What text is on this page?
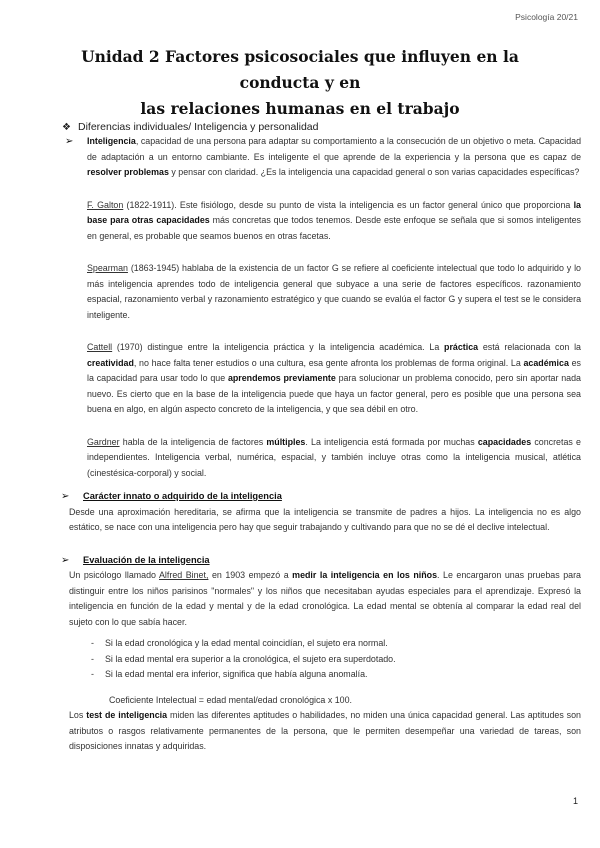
Psicología 20/21
Unidad 2 Factores psicosociales que influyen en la conducta y en
las relaciones humanas en el trabajo
❖ Diferencias individuales/ Inteligencia y personalidad

➢ Inteligencia, capacidad de una persona para adaptar su comportamiento a la consecución de un objetivo o meta. Capacidad de adaptación a un entorno cambiante. Es inteligente el que aprende de la experiencia y la persona que es capaz de resolver problemas y pensar con claridad. ¿Es la inteligencia una capacidad general o son varias capacidades específicas?

F. Galton (1822-1911). Este fisiólogo, desde su punto de vista la inteligencia es un factor general único que proporciona la base para otras capacidades más concretas que todos tenemos. Desde este enfoque se señala que si somos inteligentes en general, es probable que seamos buenos en otras facetas.

Spearman (1863-1945) hablaba de la existencia de un factor G se refiere al coeficiente intelectual que todo lo adquirido y lo más inteligencia aprendes todo de inteligencia general que subyace a una serie de factores específicos. razonamiento espacial, razonamiento verbal y razonamiento estratégico y que cuando se evalúa el factor G y supera el test se le considera inteligente.

Cattell (1970) distingue entre la inteligencia práctica y la inteligencia académica. La práctica está relacionada con la creatividad, no hace falta tener estudios o una cultura, esa gente afronta los problemas de forma original. La académica es la capacidad para usar todo lo que aprendemos previamente para solucionar un problema conocido, pero sin aportar nada nuevo. Es cierto que en la base de la inteligencia puede que haya un factor general, pero es posible que una persona sea buena en algo, en algún aspecto concreto de la inteligencia, y que sea débil en otro.

Gardner habla de la inteligencia de factores múltiples. La inteligencia está formada por muchas capacidades concretas e independientes. Inteligencia verbal, numérica, espacial, y también incluye otras como la inteligencia musical, atlética (cinestésica-corporal) y social.

➢ Carácter innato o adquirido de la inteligencia

Desde una aproximación hereditaria, se afirma que la inteligencia se transmite de padres a hijos. La inteligencia no es algo estático, se nace con una inteligencia pero hay que seguir trabajando y cultivando para que no se dé el declive intelectual.

➢ Evaluación de la inteligencia

Un psicólogo llamado Alfred Binet, en 1903 empezó a medir la inteligencia en los niños. Le encargaron unas pruebas para distinguir entre los niños parisinos "normales" y los niños que necesitaban ayudas especiales para el aprendizaje. Expresó la inteligencia en función de la edad y mental y de la edad cronológica. La edad mental se obtenía al comparar la edad real del sujeto con lo que sabía hacer.

- Si la edad cronológica y la edad mental coincidían, el sujeto era normal.
- Si la edad mental era superior a la cronológica, el sujeto era superdotado.
- Si la edad mental era inferior, significa que había alguna anomalía.
Coeficiente Intelectual = edad mental/edad cronológica x 100.

Los test de inteligencia miden las diferentes aptitudes o habilidades, no miden una única capacidad general. Las aptitudes son atributos o rasgos relativamente permanentes de la persona, que le permiten desempeñar una variedad de tareas, son disposiciones innatas y adquiridas.

1
